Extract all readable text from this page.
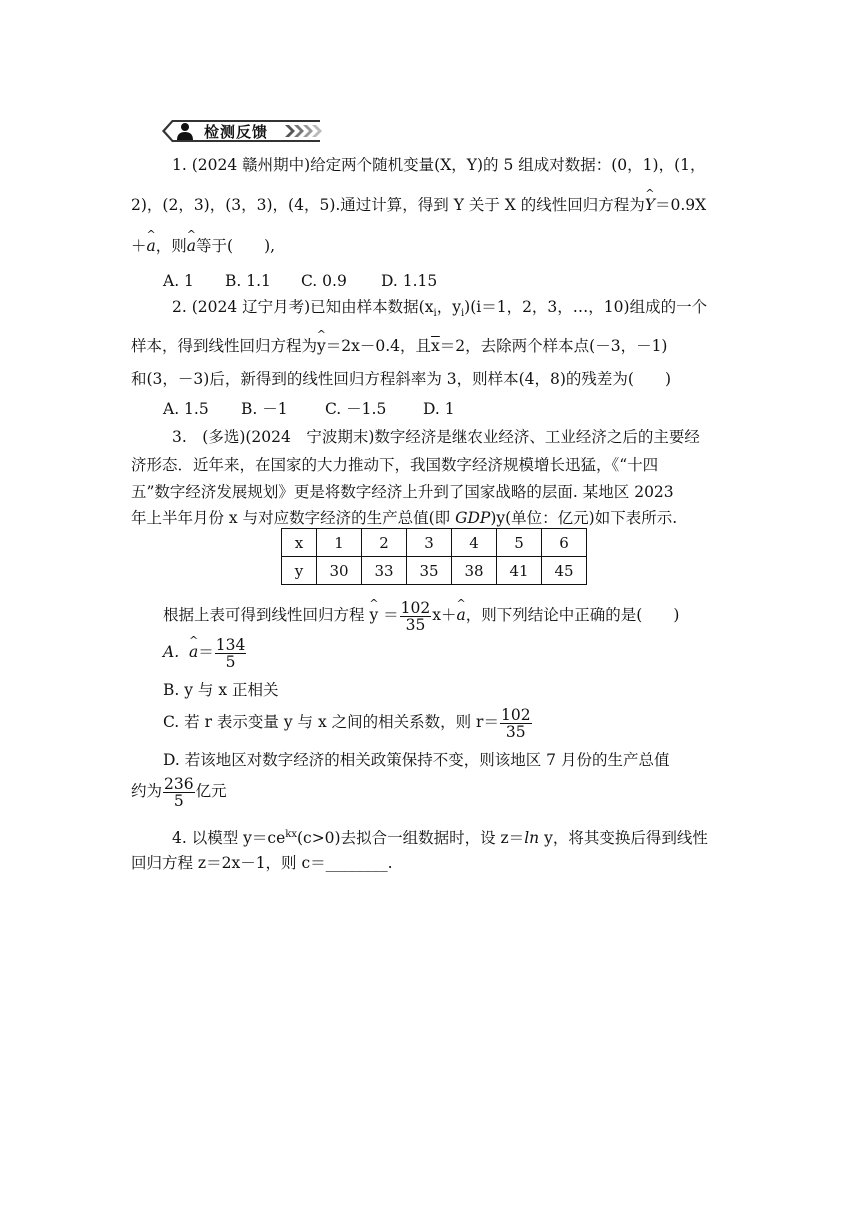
检测反馈
1. (2024 赣州期中)给定两个随机变量(X，Y)的 5 组成对数据：(0，1)，(1，
2)，(2，3)，(3，3)，(4，5).通过计算，得到 Y 关于 X 的线性回归方程为^ Y＝0.9X
＋^ a，则^ a等于(　　),
A. 1 B. 1.1 C. 0.9 D. 1.15
2. (2024 辽宁月考)已知由样本数据($x_i$，$y_i)(i=1$，2，3，…，10)组成的一个
样本，得到线性回归方程为^ y＝2x－0.4，且$\overline{x}=2$，去除两个样本点(－3，－1)
和(3，－3)后，新得到的线性回归方程斜率为 3，则样本(4，8)的残差为(　　)
A. 1.5 B. －1 C. －1.5 D. 1
3.　(多选)(2024　宁波期末)数字经济是继农业经济、工业经济之后的主要经
济形态．近年来，在国家的大力推动下，我国数字经济规模增长迅猛，《“十四
五”数字经济发展规划》更是将数字经济上升到了国家战略的层面. 某地区 2023
年上半年月份 x 与对应数字经济的生产总值(即 GDP)y(单位：亿元)如下表所示.
x	1	2	3	4	5	6
y	30	33	35	38	41	45
根据上表可得到线性回归方程 ^ $y = \frac{102}{35}$ x＋^ a，则下列结论中正确的是(　　)
A. ^ $a= \frac{134}{5}$
B. y 与 x 正相关
C. 若 r 表示变量 y 与 x 之间的相关系数，则 $r= \frac{102}{35}$
D. 若该地区对数字经济的相关政策保持不变，则该地区 7 月份的生产总值
约为 $\frac{236}{5}$ 亿元
4. 以模型 $y=ce^{kx}(c>0)$去拟合一组数据时，设 z＝ln y，将其变换后得到线性
回归方程 z＝2x－1，则 c＝________.
